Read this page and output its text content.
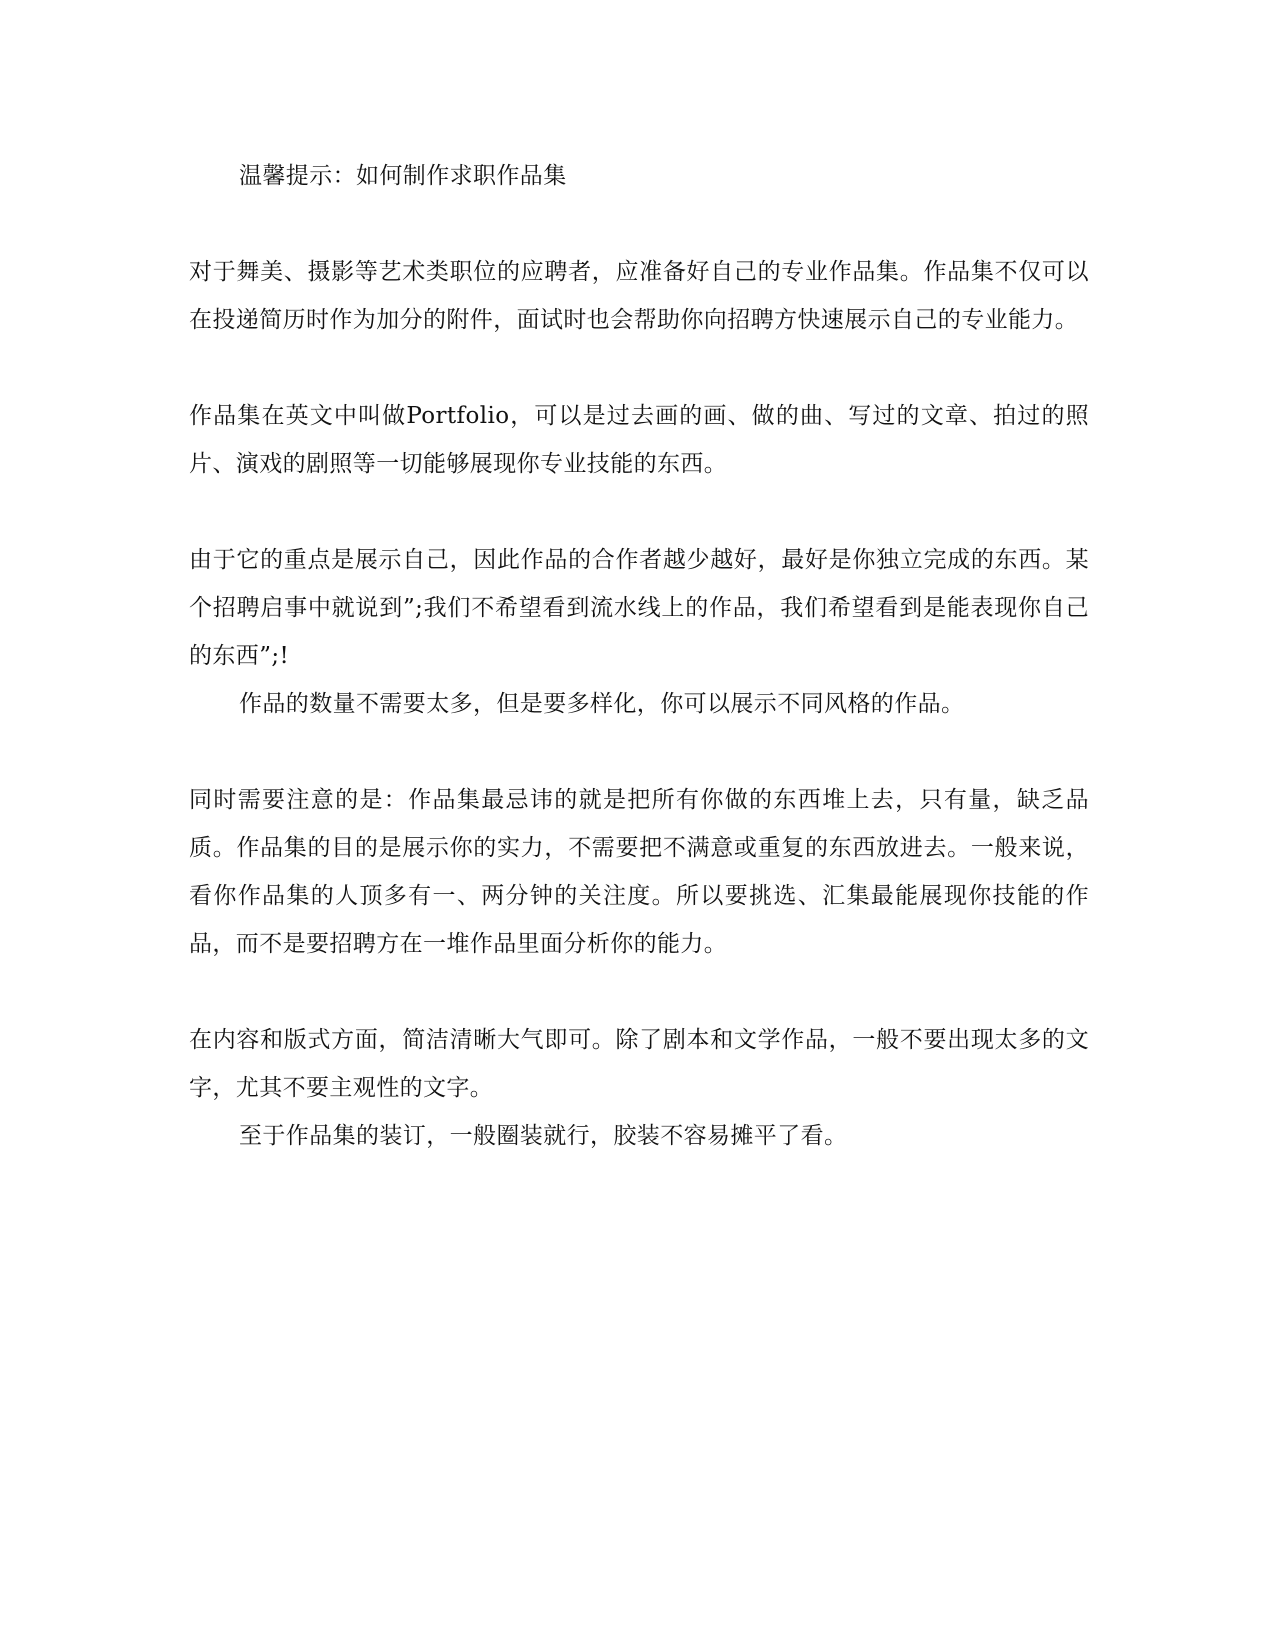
温馨提示：如何制作求职作品集

对于舞美、摄影等艺术类职位的应聘者，应准备好自己的专业作品集。作品集不仅可以在投递简历时作为加分的附件，面试时也会帮助你向招聘方快速展示自己的专业能力。

作品集在英文中叫做Portfolio，可以是过去画的画、做的曲、写过的文章、拍过的照片、演戏的剧照等一切能够展现你专业技能的东西。

由于它的重点是展示自己，因此作品的合作者越少越好，最好是你独立完成的东西。某个招聘启事中就说到”;我们不希望看到流水线上的作品，我们希望看到是能表现你自己的东西”;!

作品的数量不需要太多，但是要多样化，你可以展示不同风格的作品。

同时需要注意的是：作品集最忌讳的就是把所有你做的东西堆上去，只有量，缺乏品质。作品集的目的是展示你的实力，不需要把不满意或重复的东西放进去。一般来说，看你作品集的人顶多有一、两分钟的关注度。所以要挑选、汇集最能展现你技能的作品，而不是要招聘方在一堆作品里面分析你的能力。

在内容和版式方面，简洁清晰大气即可。除了剧本和文学作品，一般不要出现太多的文字，尤其不要主观性的文字。

至于作品集的装订，一般圈装就行，胶装不容易摊平了看。
